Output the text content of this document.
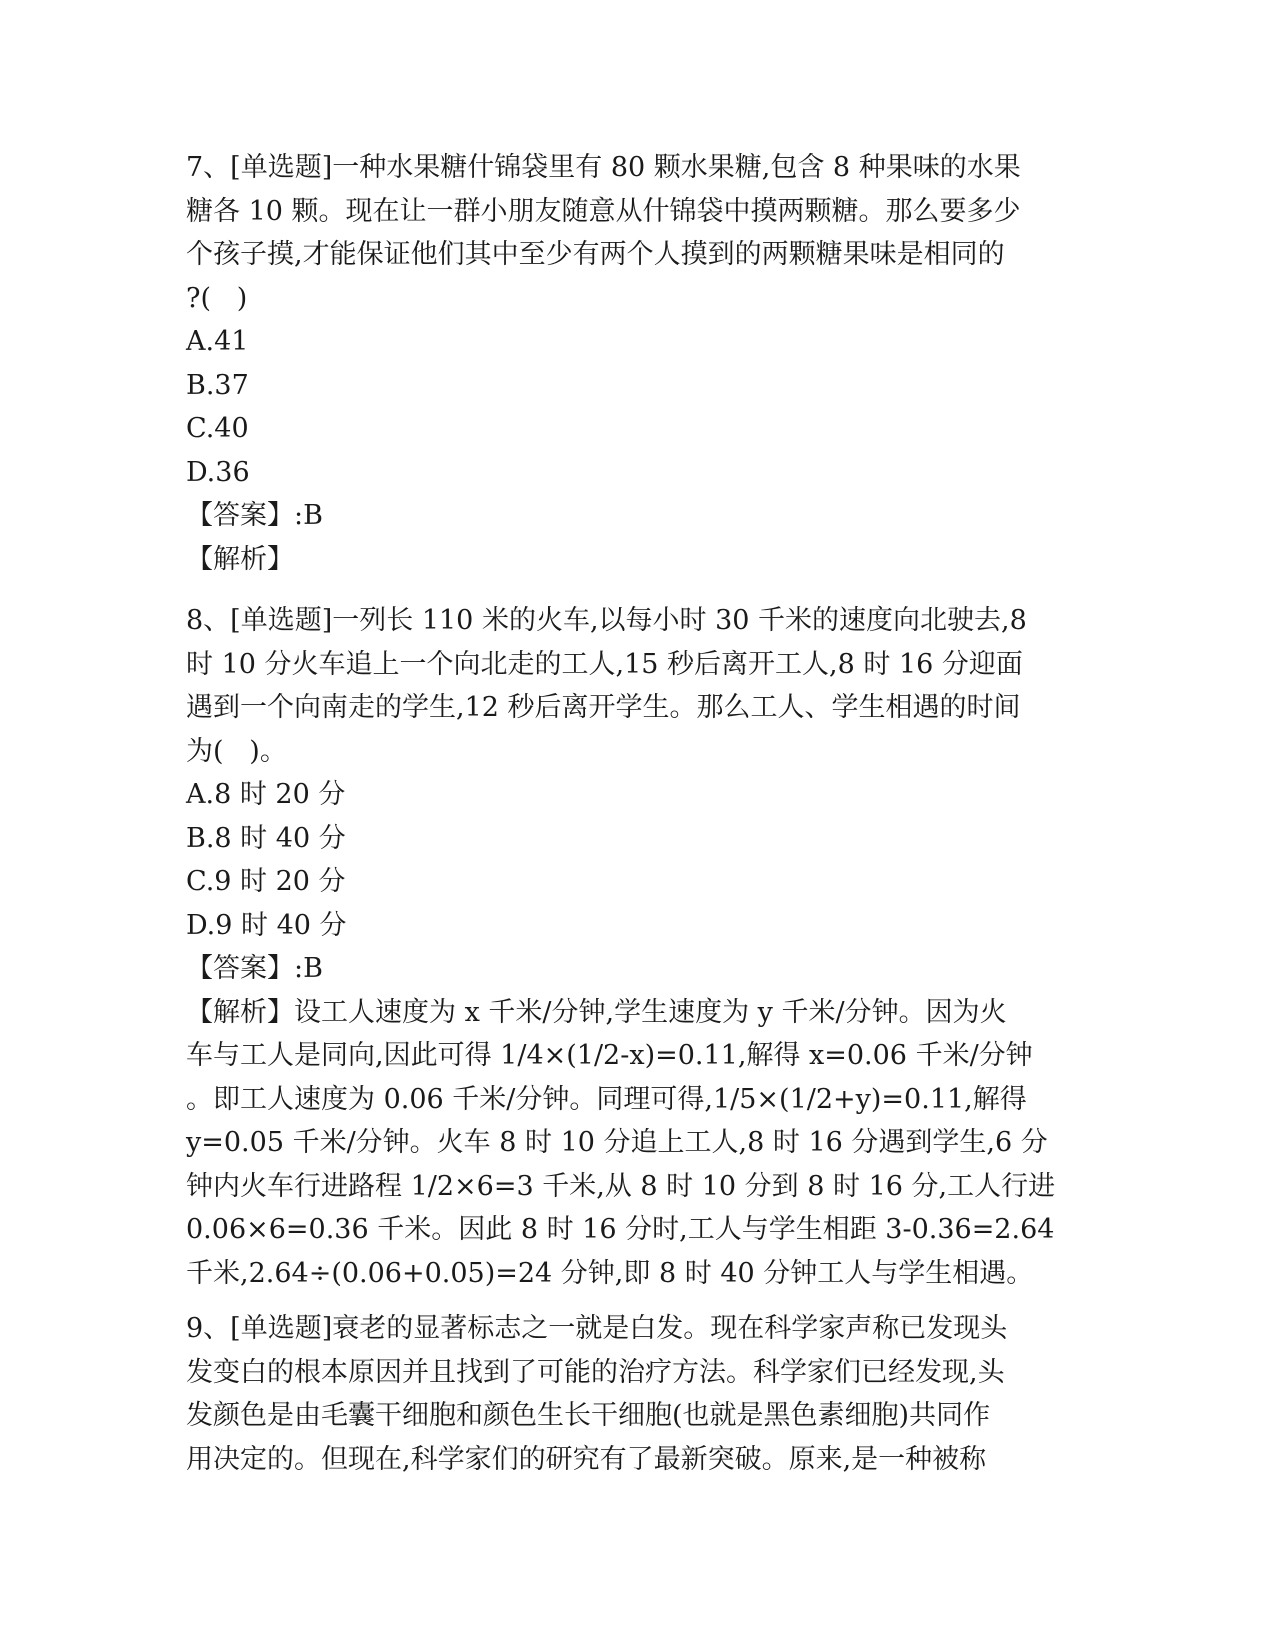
7、[单选题]一种水果糖什锦袋里有 80 颗水果糖,包含 8 种果味的水果
糖各 10 颗。现在让一群小朋友随意从什锦袋中摸两颗糖。那么要多少
个孩子摸,才能保证他们其中至少有两个人摸到的两颗糖果味是相同的
?(   )
A.41
B.37
C.40
D.36
【答案】:B
【解析】
8、[单选题]一列长 110 米的火车,以每小时 30 千米的速度向北驶去,8
时 10 分火车追上一个向北走的工人,15 秒后离开工人,8 时 16 分迎面
遇到一个向南走的学生,12 秒后离开学生。那么工人、学生相遇的时间
为(   )。
A.8 时 20 分
B.8 时 40 分
C.9 时 20 分
D.9 时 40 分
【答案】:B
【解析】设工人速度为 x 千米/分钟,学生速度为 y 千米/分钟。因为火
车与工人是同向,因此可得 1/4×(1/2-x)=0.11,解得 x=0.06 千米/分钟
。即工人速度为 0.06 千米/分钟。同理可得,1/5×(1/2+y)=0.11,解得
y=0.05 千米/分钟。火车 8 时 10 分追上工人,8 时 16 分遇到学生,6 分
钟内火车行进路程 1/2×6=3 千米,从 8 时 10 分到 8 时 16 分,工人行进
0.06×6=0.36 千米。因此 8 时 16 分时,工人与学生相距 3-0.36=2.64
千米,2.64÷(0.06+0.05)=24 分钟,即 8 时 40 分钟工人与学生相遇。
9、[单选题]衰老的显著标志之一就是白发。现在科学家声称已发现头
发变白的根本原因并且找到了可能的治疗方法。科学家们已经发现,头
发颜色是由毛囊干细胞和颜色生长干细胞(也就是黑色素细胞)共同作
用决定的。但现在,科学家们的研究有了最新突破。原来,是一种被称
